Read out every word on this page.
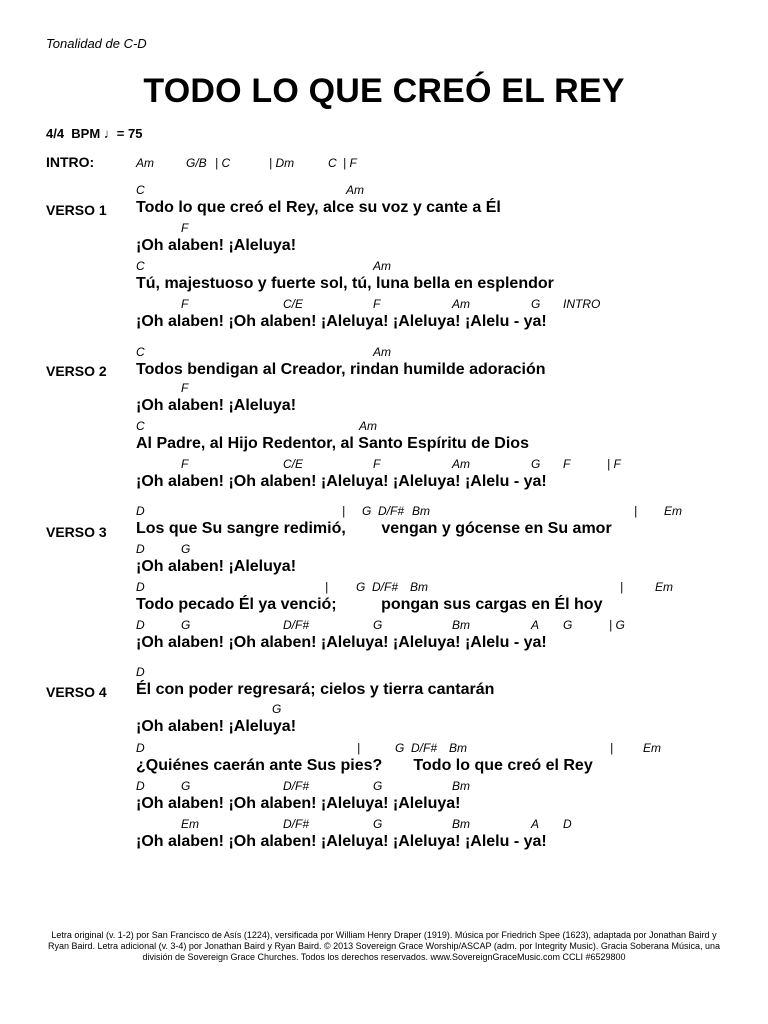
Tonalidad de C-D
TODO LO QUE CREÓ EL REY
4/4  BPM ♩= 75
INTRO:	Am	G/B | C	| Dm	C | F
VERSO 1
VERSO 2
VERSO 3
VERSO 4
C	Am
Todo lo que creó el Rey, alce su voz y cante a Él
F
¡Oh alaben! ¡Aleluya!
C	Am
Tú, majestuoso y fuerte sol, tú, luna bella en esplendor
F	C/E	F	Am	G INTRO
¡Oh alaben! ¡Oh alaben! ¡Aleluya! ¡Aleluya! ¡Alelu - ya!
C	Am
Todos bendigan al Creador, rindan humilde adoración
F
¡Oh alaben! ¡Aleluya!
C	Am
Al Padre, al Hijo Redentor, al Santo Espíritu de Dios
F	C/E	F	Am	G F	| F
¡Oh alaben! ¡Oh alaben! ¡Aleluya! ¡Aleluya! ¡Alelu - ya!
D	| G D/F# Bm	| Em
Los que Su sangre redimió,        vengan y gócense en Su amor
D	G
¡Oh alaben! ¡Aleluya!
D	| G D/F# Bm	|	Em
Todo pecado Él ya venció;          pongan sus cargas en Él hoy
D	G	D/F#	G	Bm	A G	| G
¡Oh alaben! ¡Oh alaben! ¡Aleluya! ¡Aleluya! ¡Alelu - ya!
D
Él con poder regresará; cielos y tierra cantarán
G
¡Oh alaben! ¡Aleluya!
D	|	G D/F# Bm	| Em
¿Quiénes caerán ante Sus pies?       Todo lo que creó el Rey
D	G	D/F#	G	Bm
¡Oh alaben! ¡Oh alaben! ¡Aleluya! ¡Aleluya!
Em	D/F#	G	Bm	A D
¡Oh alaben! ¡Oh alaben! ¡Aleluya! ¡Aleluya! ¡Alelu - ya!
Letra original (v. 1-2) por San Francisco de Asís (1224), versificada por William Henry Draper (1919). Música por Friedrich Spee (1623), adaptada por Jonathan Baird y Ryan Baird. Letra adicional (v. 3-4) por Jonathan Baird y Ryan Baird. © 2013 Sovereign Grace Worship/ASCAP (adm. por Integrity Music). Gracia Soberana Música, una división de Sovereign Grace Churches. Todos los derechos reservados. www.SovereignGraceMusic.com CCLI #6529800
